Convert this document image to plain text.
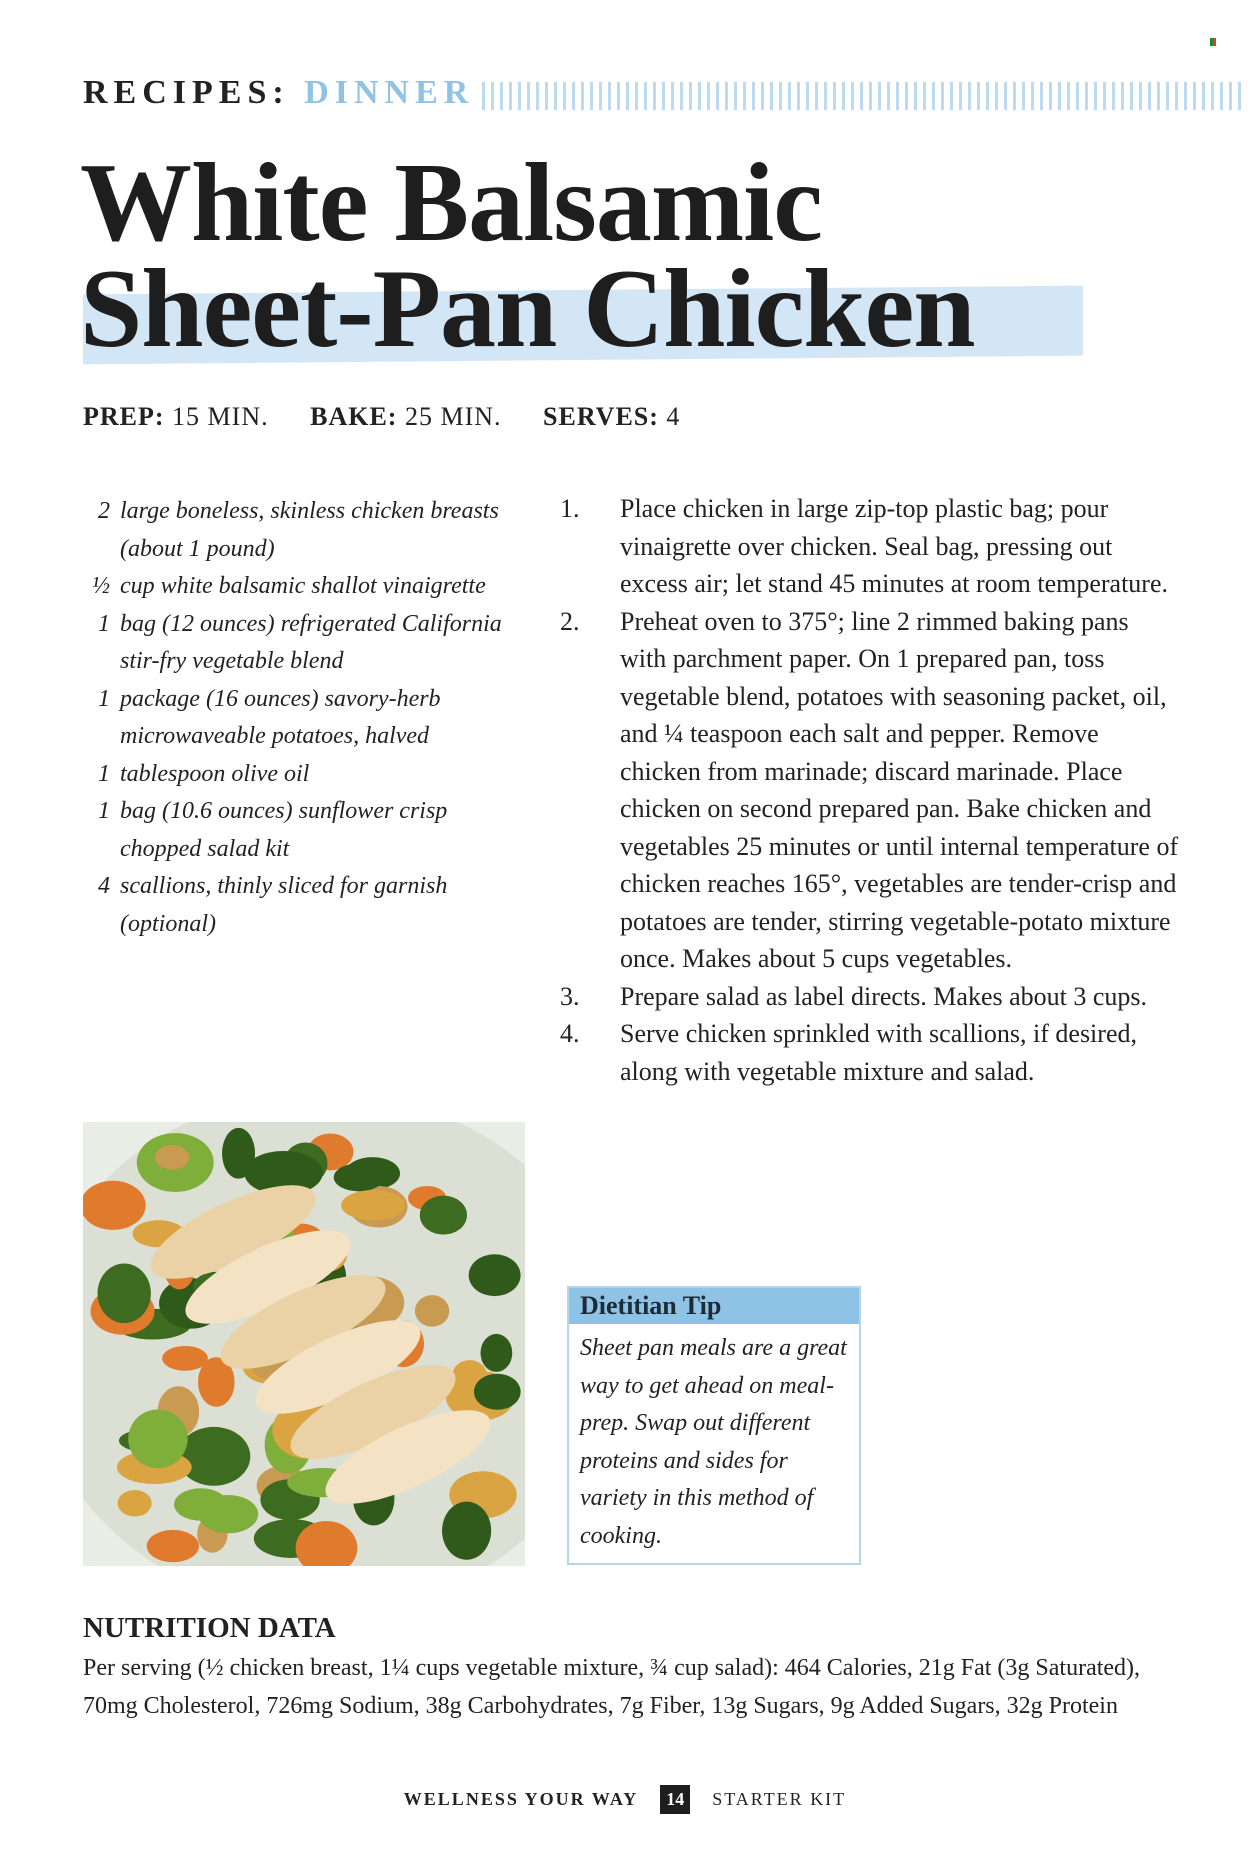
RECIPES: DINNER
White Balsamic
Sheet-Pan Chicken
PREP: 15 MIN. BAKE: 25 MIN. SERVES: 4
2 large boneless, skinless chicken breasts (about 1 pound)
½ cup white balsamic shallot vinaigrette
1 bag (12 ounces) refrigerated California stir-fry vegetable blend
1 package (16 ounces) savory-herb microwaveable potatoes, halved
1 tablespoon olive oil
1 bag (10.6 ounces) sunflower crisp chopped salad kit
4 scallions, thinly sliced for garnish (optional)
1.	Place chicken in large zip-top plastic bag; pour vinaigrette over chicken. Seal bag, pressing out excess air; let stand 45 minutes at room temperature.
2.	Preheat oven to 375°; line 2 rimmed baking pans with parchment paper. On 1 prepared pan, toss vegetable blend, potatoes with seasoning packet, oil, and ¼ teaspoon each salt and pepper. Remove chicken from marinade; discard marinade. Place chicken on second prepared pan. Bake chicken and vegetables 25 minutes or until internal temperature of chicken reaches 165°, vegetables are tender-crisp and potatoes are tender, stirring vegetable-potato mixture once. Makes about 5 cups vegetables.
3.	Prepare salad as label directs. Makes about 3 cups.
4.	Serve chicken sprinkled with scallions, if desired, along with vegetable mixture and salad.
Dietitian Tip
Sheet pan meals are a great way to get ahead on meal-prep. Swap out different proteins and sides for variety in this method of cooking.
NUTRITION DATA
Per serving (½ chicken breast, 1¼ cups vegetable mixture, ¾ cup salad): 464 Calories, 21g Fat (3g Saturated), 70mg Cholesterol, 726mg Sodium, 38g Carbohydrates, 7g Fiber, 13g Sugars, 9g Added Sugars, 32g Protein
WELLNESS YOUR WAY	14	STARTER KIT
